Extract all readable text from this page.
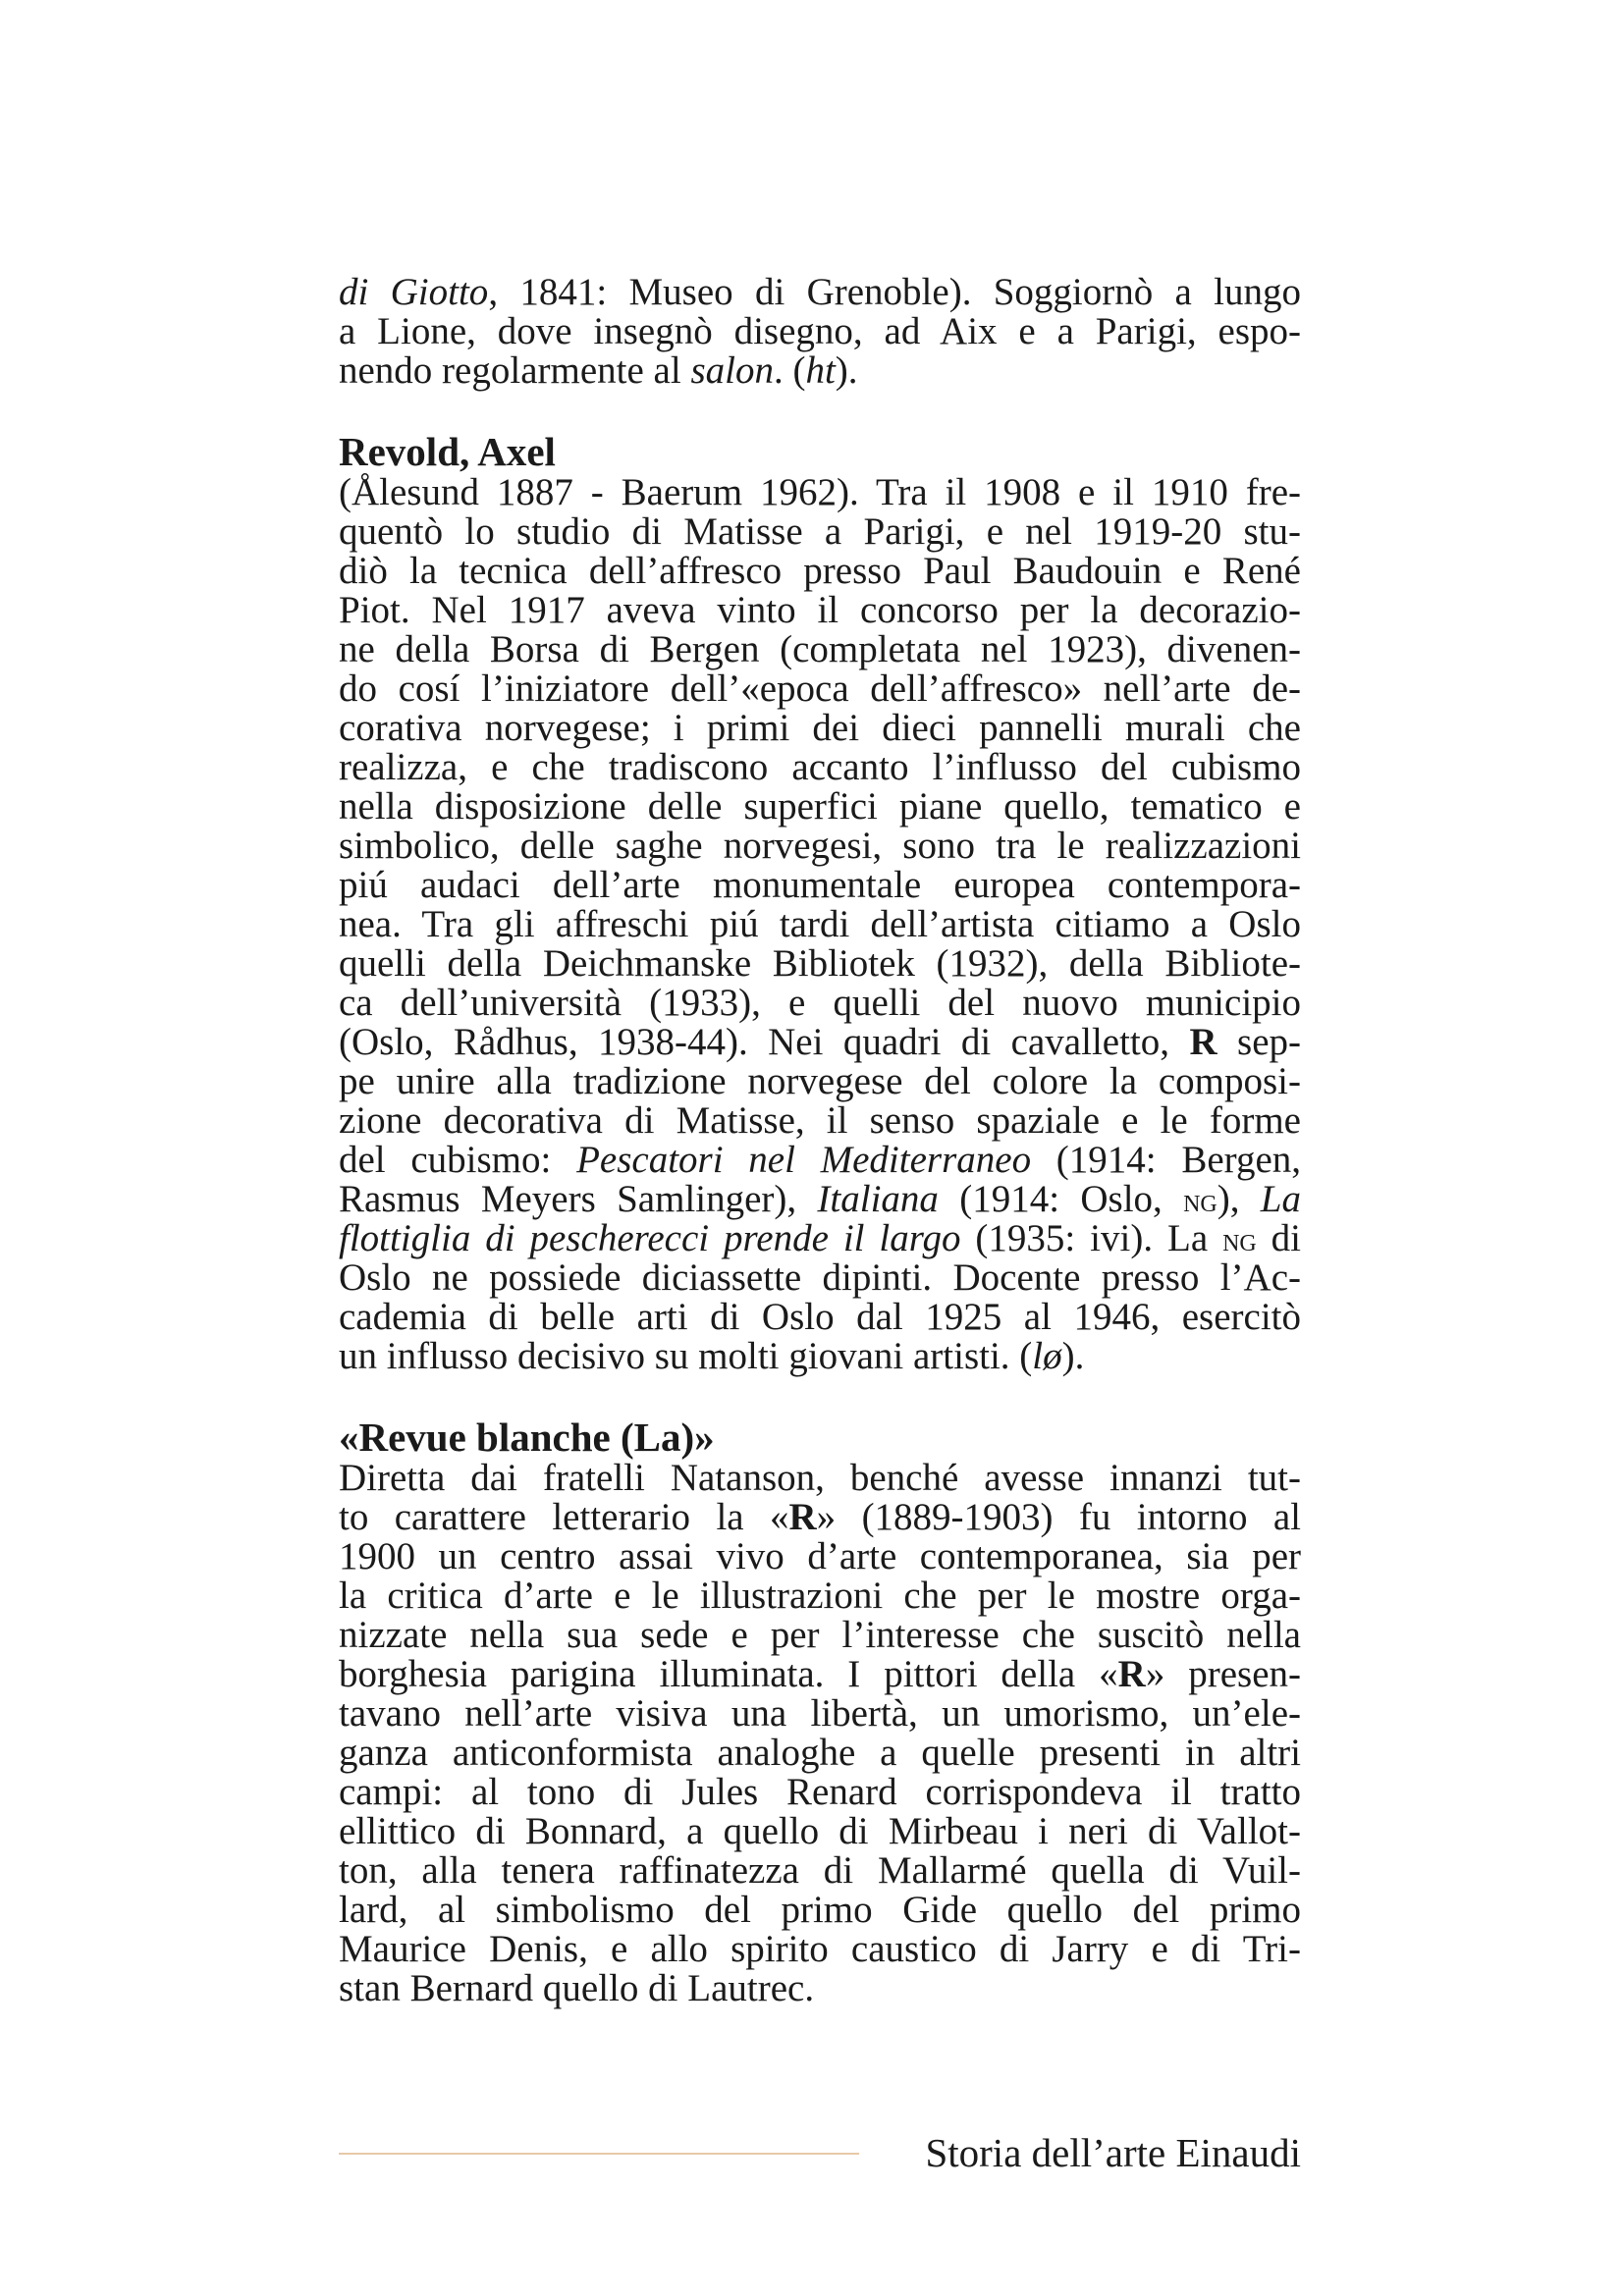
di Giotto, 1841: Museo di Grenoble). Soggiornò a lungo
a Lione, dove insegnò disegno, ad Aix e a Parigi, espo-
nendo regolarmente al salon. (ht).
Revold, Axel
(Ålesund 1887 - Baerum 1962). Tra il 1908 e il 1910 fre-
quentò lo studio di Matisse a Parigi, e nel 1919-20 stu-
diò la tecnica dell’affresco presso Paul Baudouin e René
Piot. Nel 1917 aveva vinto il concorso per la decorazio-
ne della Borsa di Bergen (completata nel 1923), divenen-
do cosí l’iniziatore dell’«epoca dell’affresco» nell’arte de-
corativa norvegese; i primi dei dieci pannelli murali che
realizza, e che tradiscono accanto l’influsso del cubismo
nella disposizione delle superfici piane quello, tematico e
simbolico, delle saghe norvegesi, sono tra le realizzazioni
piú audaci dell’arte monumentale europea contempora-
nea. Tra gli affreschi piú tardi dell’artista citiamo a Oslo
quelli della Deichmanske Bibliotek (1932), della Bibliote-
ca dell’università (1933), e quelli del nuovo municipio
(Oslo, Rådhus, 1938-44). Nei quadri di cavalletto, R sep-
pe unire alla tradizione norvegese del colore la composi-
zione decorativa di Matisse, il senso spaziale e le forme
del cubismo: Pescatori nel Mediterraneo (1914: Bergen,
Rasmus Meyers Samlinger), Italiana (1914: Oslo, ng), La
flottiglia di pescherecci prende il largo (1935: ivi). La ng di
Oslo ne possiede diciassette dipinti. Docente presso l’Ac-
cademia di belle arti di Oslo dal 1925 al 1946, esercitò
un influsso decisivo su molti giovani artisti. (lø).
«Revue blanche (La)»
Diretta dai fratelli Natanson, benché avesse innanzi tut-
to carattere letterario la «R» (1889-1903) fu intorno al
1900 un centro assai vivo d’arte contemporanea, sia per
la critica d’arte e le illustrazioni che per le mostre orga-
nizzate nella sua sede e per l’interesse che suscitò nella
borghesia parigina illuminata. I pittori della «R» presen-
tavano nell’arte visiva una libertà, un umorismo, un’ele-
ganza anticonformista analoghe a quelle presenti in altri
campi: al tono di Jules Renard corrispondeva il tratto
ellittico di Bonnard, a quello di Mirbeau i neri di Vallot-
ton, alla tenera raffinatezza di Mallarmé quella di Vuil-
lard, al simbolismo del primo Gide quello del primo
Maurice Denis, e allo spirito caustico di Jarry e di Tri-
stan Bernard quello di Lautrec.
Storia dell’arte Einaudi
